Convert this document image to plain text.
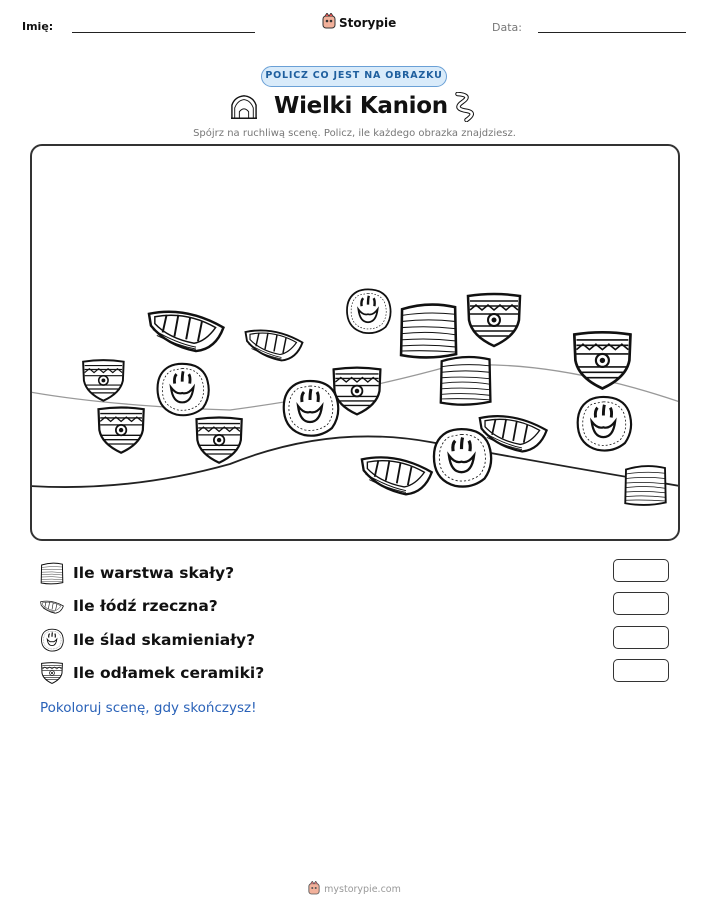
Imię:	Storypie	Data:
POLICZ CO JEST NA OBRAZKU
Wielki Kanion
Spójrz na ruchliwą scenę. Policz, ile każdego obrazka znajdziesz.
Ile warstwa skały?
Ile łódź rzeczna?
Ile ślad skamieniały?
Ile odłamek ceramiki?
Pokoloruj scenę, gdy skończysz!
mystorypie.com
